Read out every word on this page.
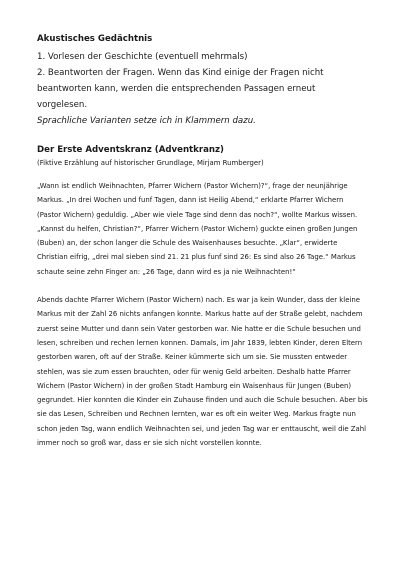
Akustisches Gedächtnis
1. Vorlesen der Geschichte (eventuell mehrmals)
2. Beantworten der Fragen. Wenn das Kind einige der Fragen nicht
beantworten kann, werden die entsprechenden Passagen erneut
vorgelesen.
Sprachliche Varianten setze ich in Klammern dazu.
Der Erste Adventskranz (Adventkranz)
(Fiktive Erzählung auf historischer Grundlage, Mirjam Rumberger)
„Wann ist endlich Weihnachten, Pfarrer Wichern (Pastor Wichern)?“, frage der neunjährige Markus. „In drei Wochen und funf Tagen, dann ist Heilig Abend,“ erklarte Pfarrer Wichern (Pastor Wichern) geduldig. „Aber wie viele Tage sind denn das noch?“, wollte Markus wissen. „Kannst du helfen, Christian?“, Pfarrer Wichern (Pastor Wichern) guckte einen großen Jungen (Buben) an, der schon langer die Schule des Waisenhauses besuchte. „Klar“, erwiderte Christian eifrig, „drei mal sieben sind 21. 21 plus funf sind 26: Es sind also 26 Tage.“ Markus schaute seine zehn Finger an: „26 Tage, dann wird es ja nie Weihnachten!“
Abends dachte Pfarrer Wichern (Pastor Wichern) nach. Es war ja kein Wunder, dass der kleine Markus mit der Zahl 26 nichts anfangen konnte. Markus hatte auf der Straße gelebt, nachdem zuerst seine Mutter und dann sein Vater gestorben war. Nie hatte er die Schule besuchen und lesen, schreiben und rechen lernen konnen. Damals, im Jahr 1839, lebten Kinder, deren Eltern gestorben waren, oft auf der Straße. Keiner kümmerte sich um sie. Sie mussten entweder stehlen, was sie zum essen brauchten, oder für wenig Geld arbeiten. Deshalb hatte Pfarrer Wichern (Pastor Wichern) in der großen Stadt Hamburg ein Waisenhaus für Jungen (Buben) gegrundet. Hier konnten die Kinder ein Zuhause finden und auch die Schule besuchen. Aber bis sie das Lesen, Schreiben und Rechnen lernten, war es oft ein weiter Weg. Markus fragte nun schon jeden Tag, wann endlich Weihnachten sei, und jeden Tag war er enttauscht, weil die Zahl immer noch so groß war, dass er sie sich nicht vorstellen konnte.
